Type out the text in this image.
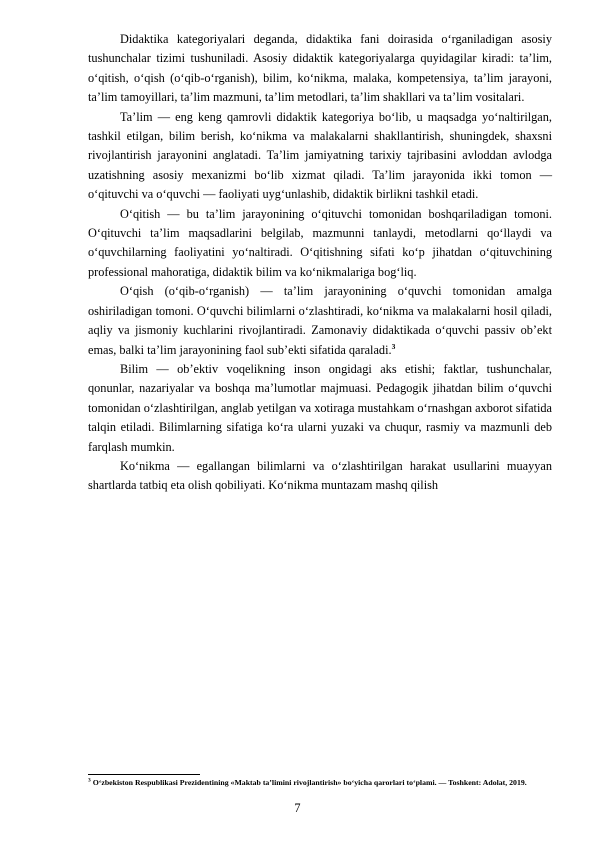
Didaktika kategoriyalari deganda, didaktika fani doirasida o‘rganiladigan asosiy tushunchalar tizimi tushuniladi. Asosiy didaktik kategoriyalarga quyidagilar kiradi: ta’lim, o‘qitish, o‘qish (o‘qib-o‘rganish), bilim, ko‘nikma, malaka, kompetensiya, ta’lim jarayoni, ta’lim tamoyillari, ta’lim mazmuni, ta’lim metodlari, ta’lim shakllari va ta’lim vositalari.

Ta’lim — eng keng qamrovli didaktik kategoriya bo‘lib, u maqsadga yo‘naltirilgan, tashkil etilgan, bilim berish, ko‘nikma va malakalarni shakllantirish, shuningdek, shaxsni rivojlantirish jarayonini anglatadi. Ta’lim jamiyatning tarixiy tajribasini avloddan avlodga uzatishning asosiy mexanizmi bo‘lib xizmat qiladi. Ta’lim jarayonida ikki tomon — o‘qituvchi va o‘quvchi — faoliyati uyg‘unlashib, didaktik birlikni tashkil etadi.

O‘qitish — bu ta’lim jarayonining o‘qituvchi tomonidan boshqariladigan tomoni. O‘qituvchi ta’lim maqsadlarini belgilab, mazmunni tanlaydi, metodlarni qo‘llaydi va o‘quvchilarning faoliyatini yo‘naltiradi. O‘qitishning sifati ko‘p jihatdan o‘qituvchining professional mahoratiga, didaktik bilim va ko‘nikmalariga bog‘liq.

O‘qish (o‘qib-o‘rganish) — ta’lim jarayonining o‘quvchi tomonidan amalga oshiriladigan tomoni. O‘quvchi bilimlarni o‘zlashtiradi, ko‘nikma va malakalarni hosil qiladi, aqliy va jismoniy kuchlarini rivojlantiradi. Zamonaviy didaktikada o‘quvchi passiv ob’ekt emas, balki ta’lim jarayonining faol sub’ekti sifatida qaraladi.$^3$

Bilim — ob’ektiv voqelikning inson ongidagi aks etishi; faktlar, tushunchalar, qonunlar, nazariyalar va boshqa ma’lumotlar majmuasi. Pedagogik jihatdan bilim o‘quvchi tomonidan o‘zlashtirilgan, anglab yetilgan va xotiraga mustahkam o‘rnashgan axborot sifatida talqin etiladi. Bilimlarning sifatiga ko‘ra ularni yuzaki va chuqur, rasmiy va mazmunli deb farqlash mumkin.

Ko‘nikma — egallangan bilimlarni va o‘zlashtirilgan harakat usullarini muayyan shartlarda tatbiq eta olish qobiliyati. Ko‘nikma muntazam mashq qilish

$^3$ O‘zbekiston Respublikasi Prezidentining «Maktab ta’limini rivojlantirish» bo‘yicha qarorlari to‘plami. — Toshkent: Adolat, 2019.
7
